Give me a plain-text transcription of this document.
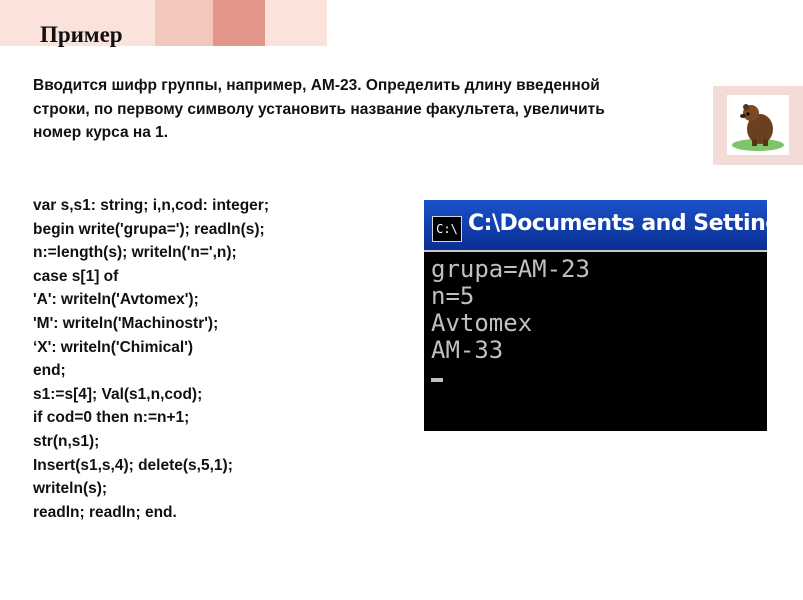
Пример
Вводится шифр группы, например, АМ-23. Определить длину введенной строки, по первому символу установить название факультета, увеличить номер курса на 1.
var s,s1: string; i,n,cod: integer;
begin write('grupa='); readln(s);
n:=length(s); writeln('n=',n);
case s[1] of
'A': writeln('Avtomex');
'M': writeln('Machinostr');
‘X': writeln('Chimical')
end;
s1:=s[4]; Val(s1,n,cod);
if cod=0 then n:=n+1;
str(n,s1);
Insert(s1,s,4); delete(s,5,1);
writeln(s);
readln; readln; end.
C:\ C:\Documents and Settings\
grupa=AM-23
n=5
Avtomex
AM-33
